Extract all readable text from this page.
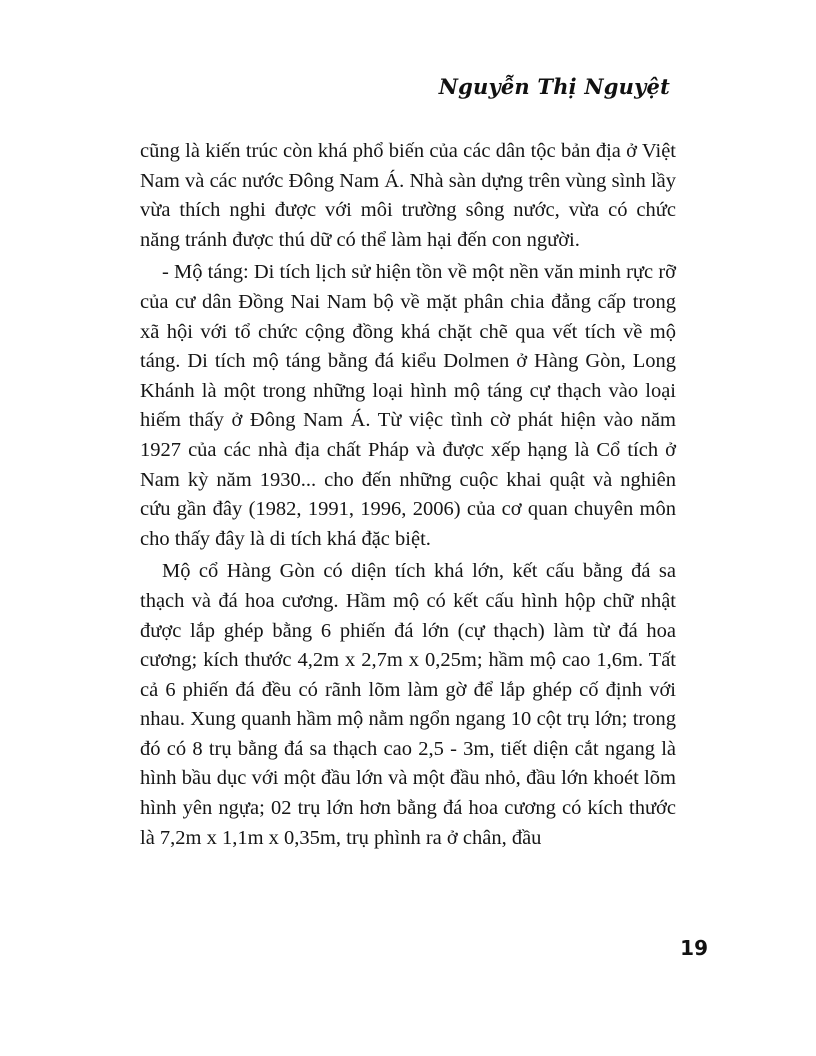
Nguyễn Thị Nguyệt

cũng là kiến trúc còn khá phổ biến của các dân tộc bản địa ở Việt Nam và các nước Đông Nam Á. Nhà sàn dựng trên vùng sình lầy vừa thích nghi được với môi trường sông nước, vừa có chức năng tránh được thú dữ có thể làm hại đến con người.

- Mộ táng: Di tích lịch sử hiện tồn về một nền văn minh rực rỡ của cư dân Đồng Nai Nam bộ về mặt phân chia đẳng cấp trong xã hội với tổ chức cộng đồng khá chặt chẽ qua vết tích về mộ táng. Di tích mộ táng bằng đá kiểu Dolmen ở Hàng Gòn, Long Khánh là một trong những loại hình mộ táng cự thạch vào loại hiếm thấy ở Đông Nam Á. Từ việc tình cờ phát hiện vào năm 1927 của các nhà địa chất Pháp và được xếp hạng là Cổ tích ở Nam kỳ năm 1930... cho đến những cuộc khai quật và nghiên cứu gần đây (1982, 1991, 1996, 2006) của cơ quan chuyên môn cho thấy đây là di tích khá đặc biệt.

Mộ cổ Hàng Gòn có diện tích khá lớn, kết cấu bằng đá sa thạch và đá hoa cương. Hầm mộ có kết cấu hình hộp chữ nhật được lắp ghép bằng 6 phiến đá lớn (cự thạch) làm từ đá hoa cương; kích thước 4,2m x 2,7m x 0,25m; hầm mộ cao 1,6m. Tất cả 6 phiến đá đều có rãnh lõm làm gờ để lắp ghép cố định với nhau. Xung quanh hầm mộ nằm ngổn ngang 10 cột trụ lớn; trong đó có 8 trụ bằng đá sa thạch cao 2,5 - 3m, tiết diện cắt ngang là hình bầu dục với một đầu lớn và một đầu nhỏ, đầu lớn khoét lõm hình yên ngựa; 02 trụ lớn hơn bằng đá hoa cương có kích thước là 7,2m x 1,1m x 0,35m, trụ phình ra ở chân, đầu

19
